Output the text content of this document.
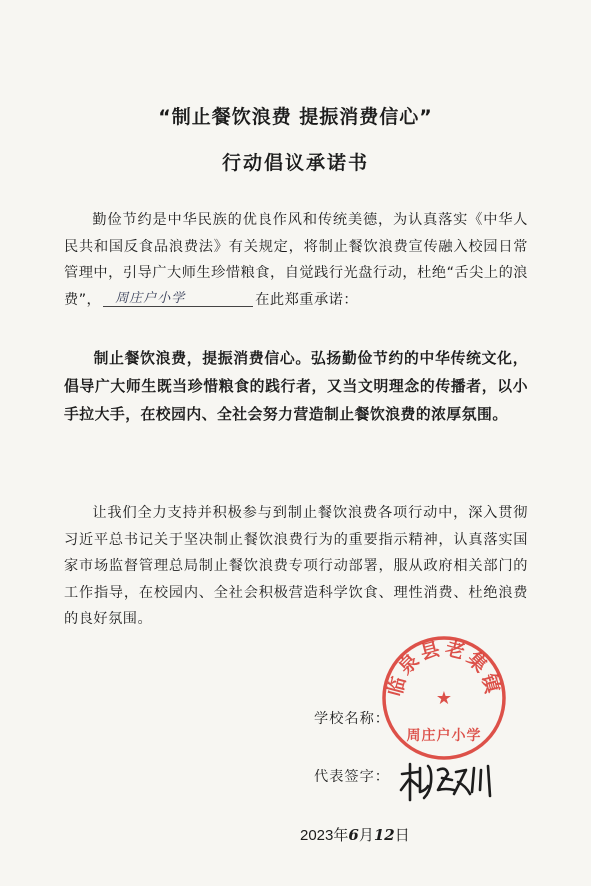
“制止餐饮浪费 提振消费信心”
行动倡议承诺书
勤俭节约是中华民族的优良作风和传统美德，为认真落实《中华人民共和国反食品浪费法》有关规定，将制止餐饮浪费宣传融入校园日常管理中，引导广大师生珍惜粮食，自觉践行光盘行动，杜绝“舌尖上的浪费”， 周庄户小学	在此郑重承诺：
制止餐饮浪费，提振消费信心。弘扬勤俭节约的中华传统文化，倡导广大师生既当珍惜粮食的践行者，又当文明理念的传播者，以小手拉大手，在校园内、全社会努力营造制止餐饮浪费的浓厚氛围。
让我们全力支持并积极参与到制止餐饮浪费各项行动中，深入贯彻习近平总书记关于坚决制止餐饮浪费行为的重要指示精神，认真落实国家市场监督管理总局制止餐饮浪费专项行动部署，服从政府相关部门的工作指导，在校园内、全社会积极营造科学饮食、理性消费、杜绝浪费的良好氛围。
学校名称：
临泉县老集镇
★
周庄户小学
代表签字：
2023年6月12日
